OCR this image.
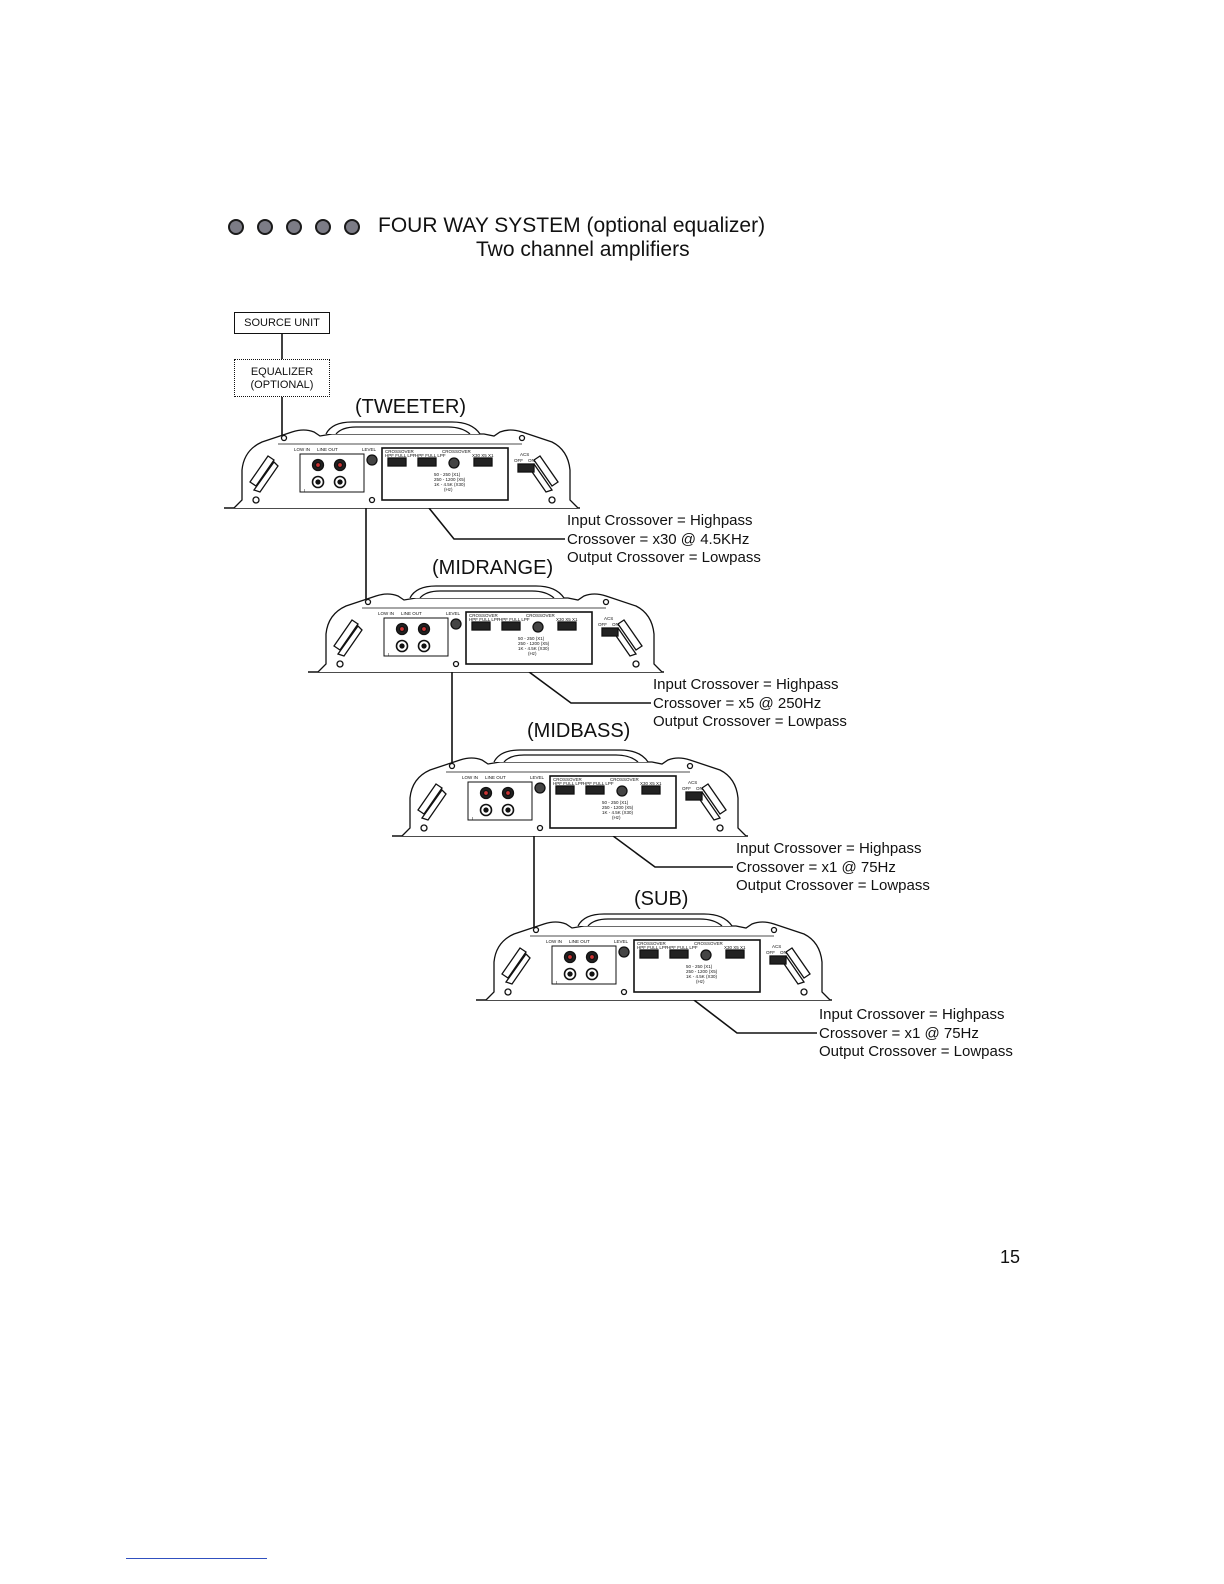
FOUR WAY SYSTEM (optional equalizer)
Two channel amplifiers
SOURCE UNIT
EQUALIZER
(OPTIONAL)
LOW IN LINE OUT	LEVEL CROSSOVER	CROSSOVER
HPF FULL LPF HPF FULL LPF	X30 X5 X1
50 - 250 (X1)
250 - 1200 (X5)
1K - 4.5K (X30)
(Hz)
ACS
OFF ON
L
LOW IN LINE OUT	LEVEL CROSSOVER	CROSSOVER
HPF FULL LPF HPF FULL LPF	X30 X5 X1
50 - 250 (X1)
250 - 1200 (X5)
1K - 4.5K (X30)
(Hz)
ACS
OFF ON
L
LOW IN LINE OUT	LEVEL CROSSOVER	CROSSOVER
HPF FULL LPF HPF FULL LPF	X30 X5 X1
50 - 250 (X1)
250 - 1200 (X5)
1K - 4.5K (X30)
(Hz)
ACS
OFF ON
L
LOW IN LINE OUT	LEVEL CROSSOVER	CROSSOVER
HPF FULL LPF HPF FULL LPF	X30 X5 X1
50 - 250 (X1)
250 - 1200 (X5)
1K - 4.5K (X30)
(Hz)
ACS
OFF ON
L
(TWEETER)
Input Crossover = Highpass
Crossover = x30 @ 4.5KHz
Output Crossover = Lowpass
(MIDRANGE)
Input Crossover = Highpass
Crossover = x5 @ 250Hz
Output Crossover = Lowpass
(MIDBASS)
Input Crossover = Highpass
Crossover = x1 @ 75Hz
Output Crossover = Lowpass
(SUB)
Input Crossover = Highpass
Crossover = x1 @ 75Hz
Output Crossover = Lowpass
15
